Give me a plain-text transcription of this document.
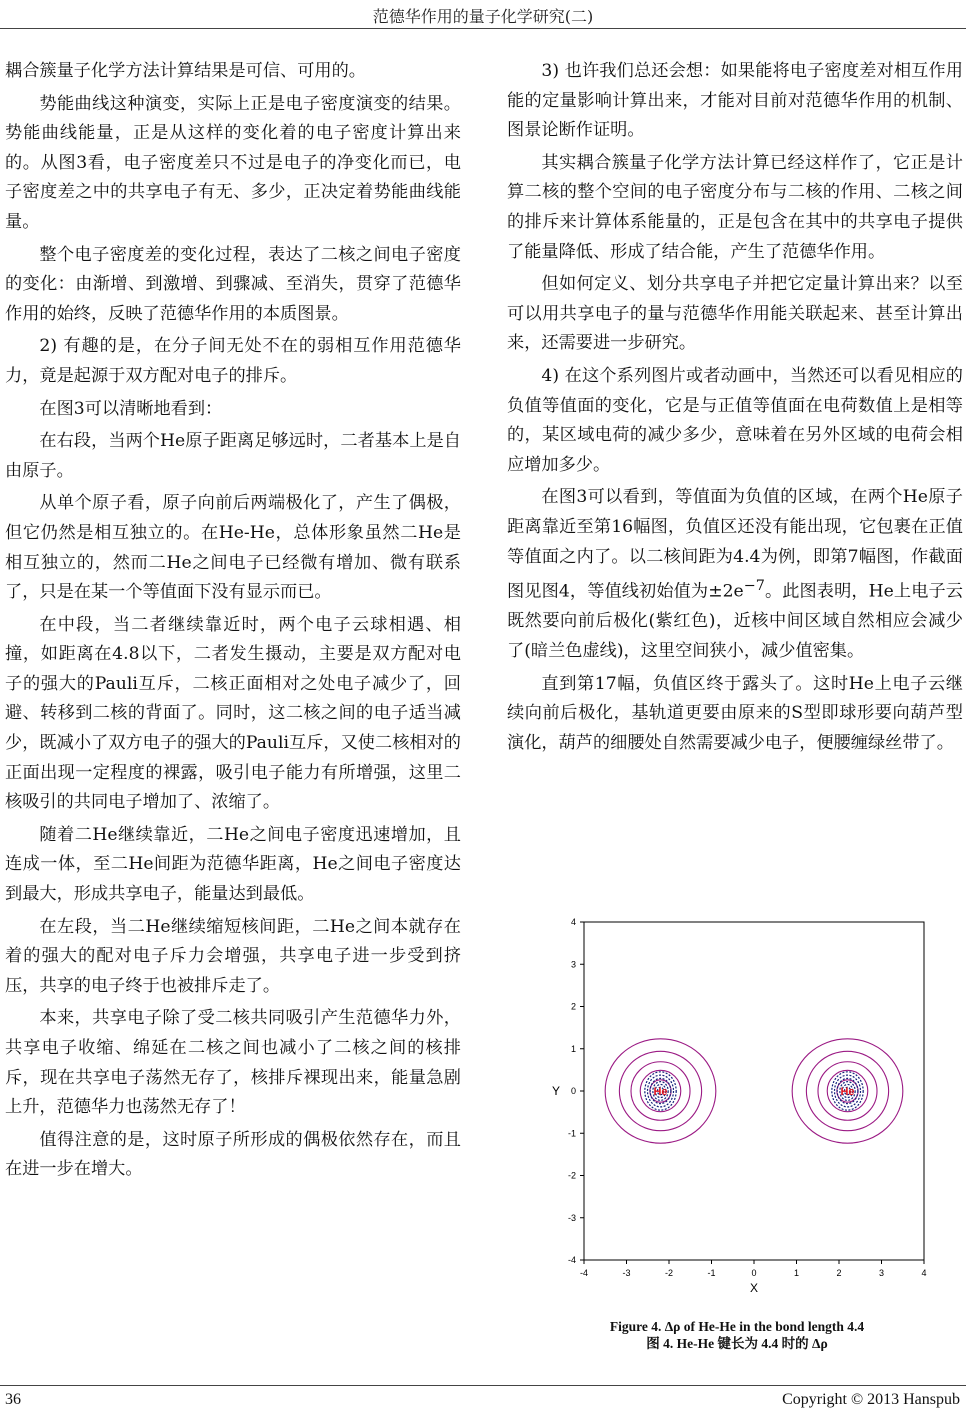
范德华作用的量子化学研究(二)

耦合簇量子化学方法计算结果是可信、可用的。

势能曲线这种演变，实际上正是电子密度演变的结果。势能曲线能量，正是从这样的变化着的电子密度计算出来的。从图3看，电子密度差只不过是电子的净变化而已，电子密度差之中的共享电子有无、多少，正决定着势能曲线能量。

整个电子密度差的变化过程，表达了二核之间电子密度的变化：由渐增、到激增、到骤减、至消失，贯穿了范德华作用的始终，反映了范德华作用的本质图景。

2) 有趣的是，在分子间无处不在的弱相互作用范德华力，竟是起源于双方配对电子的排斥。

在图3可以清晰地看到：

在右段，当两个He原子距离足够远时，二者基本上是自由原子。

从单个原子看，原子向前后两端极化了，产生了偶极，但它仍然是相互独立的。在He-He，总体形象虽然二He是相互独立的，然而二He之间电子已经微有增加、微有联系了，只是在某一个等值面下没有显示而已。

在中段，当二者继续靠近时，两个电子云球相遇、相撞，如距离在4.8以下，二者发生摄动，主要是双方配对电子的强大的Pauli互斥，二核正面相对之处电子减少了，回避、转移到二核的背面了。同时，这二核之间的电子适当减少，既减小了双方电子的强大的Pauli互斥，又使二核相对的正面出现一定程度的裸露，吸引电子能力有所增强，这里二核吸引的共同电子增加了、浓缩了。

随着二He继续靠近，二He之间电子密度迅速增加，且连成一体，至二He间距为范德华距离，He之间电子密度达到最大，形成共享电子，能量达到最低。

在左段，当二He继续缩短核间距，二He之间本就存在着的强大的配对电子斥力会增强，共享电子进一步受到挤压，共享的电子终于也被排斥走了。

本来，共享电子除了受二核共同吸引产生范德华力外，共享电子收缩、绵延在二核之间也减小了二核之间的核排斥，现在共享电子荡然无存了，核排斥裸现出来，能量急剧上升，范德华力也荡然无存了！

值得注意的是，这时原子所形成的偶极依然存在，而且在进一步在增大。

3) 也许我们总还会想：如果能将电子密度差对相互作用能的定量影响计算出来，才能对目前对范德华作用的机制、图景论断作证明。

其实耦合簇量子化学方法计算已经这样作了，它正是计算二核的整个空间的电子密度分布与二核的作用、二核之间的排斥来计算体系能量的，正是包含在其中的共享电子提供了能量降低、形成了结合能，产生了范德华作用。

但如何定义、划分共享电子并把它定量计算出来？以至可以用共享电子的量与范德华作用能关联起来、甚至计算出来，还需要进一步研究。

4) 在这个系列图片或者动画中，当然还可以看见相应的负值等值面的变化，它是与正值等值面在电荷数值上是相等的，某区域电荷的减少多少，意味着在另外区域的电荷会相应增加多少。

在图3可以看到，等值面为负值的区域，在两个He原子距离靠近至第16幅图，负值区还没有能出现，它包裹在正值等值面之内了。以二核间距为4.4为例，即第7幅图，作截面图见图4，等值线初始值为$\pm 2e^{-7}$。此图表明，He上电子云既然要向前后极化(紫红色)，近核中间区域自然相应会减少了(暗兰色虚线)，这里空间狭小，减少值密集。

直到第17幅，负值区终于露头了。这时He上电子云继续向前后极化，基轨道更要由原来的S型即球形要向葫芦型演化，葫芦的细腰处自然需要减少电子，便腰缠绿丝带了。

-4	-3	-2	-1	0	1	2	3	4
-4
-3
-2
-1
0
1
2
3
4
X
Y	He	He
Figure 4. Δρ of He-He in the bond length 4.4
图 4. He-He 键长为 4.4 时的 Δρ
36	Copyright © 2013 Hanspub
